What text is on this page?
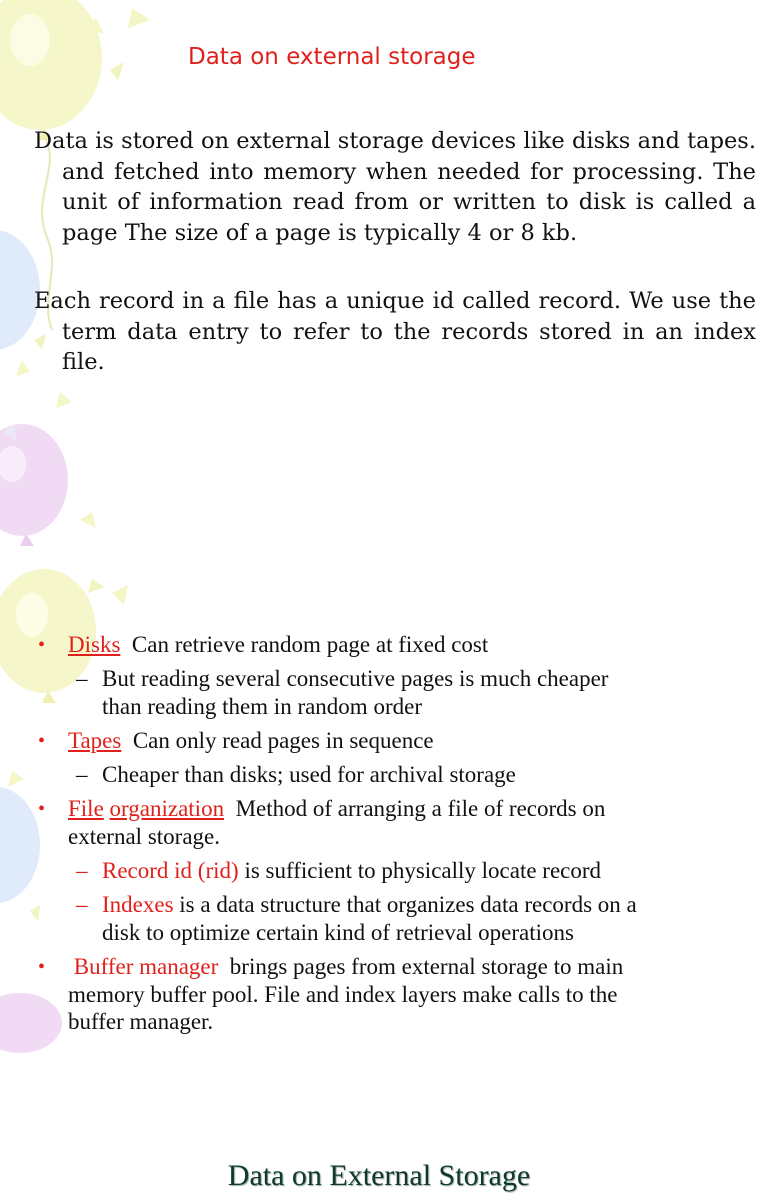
Data on external storage

Data is stored on external storage devices like disks and tapes. and fetched into memory when needed for processing. The unit of information read from or written to disk is called a page The size of a page is typically 4 or 8 kb.

Each record in a file has a unique id called record. We use the term data entry to refer to the records stored in an index file.

Data on External Storage
• Disks Can retrieve random page at fixed cost
– But reading several consecutive pages is much cheaper
than reading them in random order
• Tapes Can only read pages in sequence
– Cheaper than disks; used for archival storage
• File organization Method of arranging a file of records on
external storage.
– Record id (rid) is sufficient to physically locate record
– Indexes is a data structure that organizes data records on a
disk to optimize certain kind of retrieval operations
• Buffer manager brings pages from external storage to main
memory buffer pool. File and index layers make calls to the
buffer manager.
